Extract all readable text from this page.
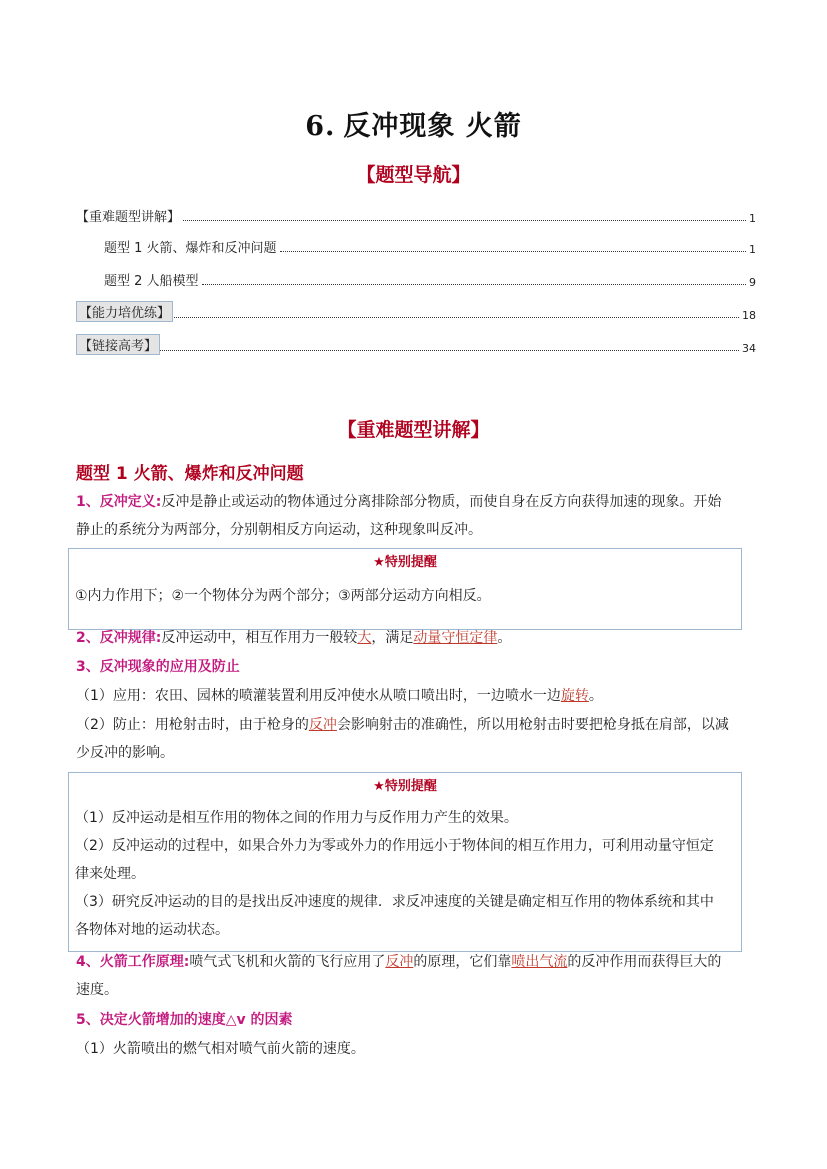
6. 反冲现象 火箭
【题型导航】
【重难题型讲解】	1
题型 1 火箭、爆炸和反冲问题	1
题型 2 人船模型	9
【能力培优练】	18
【链接高考】	34
【重难题型讲解】
题型 1 火箭、爆炸和反冲问题
1、反冲定义:反冲是静止或运动的物体通过分离排除部分物质，而使自身在反方向获得加速的现象。开始
静止的系统分为两部分，分别朝相反方向运动，这种现象叫反冲。
★特别提醒
①内力作用下；②一个物体分为两个部分；③两部分运动方向相反。
2、反冲规律:反冲运动中，相互作用力一般较大，满足动量守恒定律。
3、反冲现象的应用及防止
（1）应用：农田、园林的喷灌装置利用反冲使水从喷口喷出时，一边喷水一边旋转。
（2）防止：用枪射击时，由于枪身的反冲会影响射击的准确性，所以用枪射击时要把枪身抵在肩部，以减
少反冲的影响。
★特别提醒
（1）反冲运动是相互作用的物体之间的作用力与反作用力产生的效果。
（2）反冲运动的过程中，如果合外力为零或外力的作用远小于物体间的相互作用力，可利用动量守恒定
律来处理。
（3）研究反冲运动的目的是找出反冲速度的规律．求反冲速度的关键是确定相互作用的物体系统和其中
各物体对地的运动状态。
4、火箭工作原理:喷气式飞机和火箭的飞行应用了反冲的原理，它们靠喷出气流的反冲作用而获得巨大的
速度。
5、决定火箭增加的速度△v 的因素
（1）火箭喷出的燃气相对喷气前火箭的速度。
